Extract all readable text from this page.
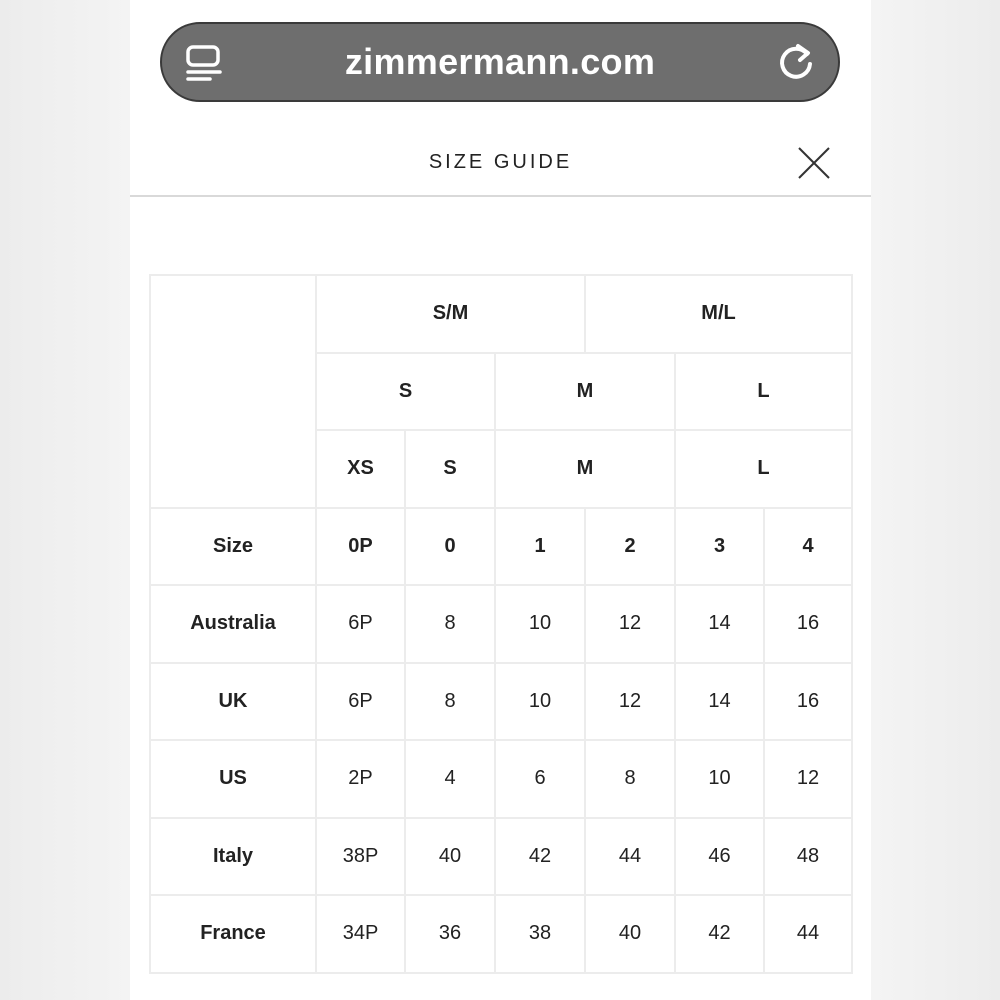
zimmermann.com
SIZE GUIDE
	S/M			M/L		
	S		M		L	
	XS	S	M		L	
Size	0P	0	1	2	3	4
Australia	6P	8	10	12	14	16
UK	6P	8	10	12	14	16
US	2P	4	6	8	10	12
Italy	38P	40	42	44	46	48
France	34P	36	38	40	42	44
